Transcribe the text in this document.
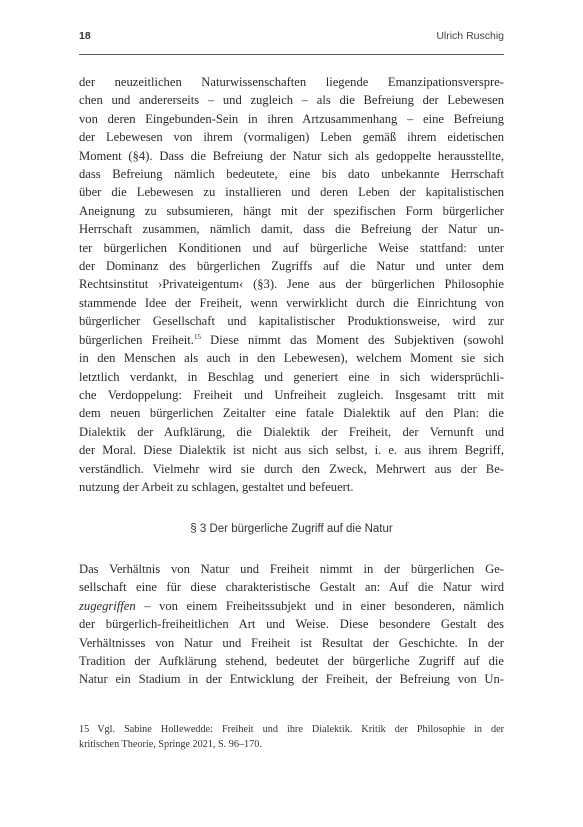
18	Ulrich Ruschig
der neuzeitlichen Naturwissenschaften liegende Emanzipationsverspre-
chen und andererseits – und zugleich – als die Befreiung der Lebewesen
von deren Eingebunden-Sein in ihren Artzusammenhang – eine Befreiung
der Lebewesen von ihrem (vormaligen) Leben gemäß ihrem eidetischen
Moment (§4). Dass die Befreiung der Natur sich als gedoppelte herausstellte,
dass Befreiung nämlich bedeutete, eine bis dato unbekannte Herrschaft
über die Lebewesen zu installieren und deren Leben der kapitalistischen
Aneignung zu subsumieren, hängt mit der spezifischen Form bürgerlicher
Herrschaft zusammen, nämlich damit, dass die Befreiung der Natur un-
ter bürgerlichen Konditionen und auf bürgerliche Weise stattfand: unter
der Dominanz des bürgerlichen Zugriffs auf die Natur und unter dem
Rechtsinstitut ›Privateigentum‹ (§3). Jene aus der bürgerlichen Philosophie
stammende Idee der Freiheit, wenn verwirklicht durch die Einrichtung von
bürgerlicher Gesellschaft und kapitalistischer Produktionsweise, wird zur
bürgerlichen Freiheit.$^{15}$ Diese nimmt das Moment des Subjektiven (sowohl
in den Menschen als auch in den Lebewesen), welchem Moment sie sich
letztlich verdankt, in Beschlag und generiert eine in sich widersprüchli-
che Verdoppelung: Freiheit und Unfreiheit zugleich. Insgesamt tritt mit
dem neuen bürgerlichen Zeitalter eine fatale Dialektik auf den Plan: die
Dialektik der Aufklärung, die Dialektik der Freiheit, der Vernunft und
der Moral. Diese Dialektik ist nicht aus sich selbst, i. e. aus ihrem Begriff,
verständlich. Vielmehr wird sie durch den Zweck, Mehrwert aus der Be-
nutzung der Arbeit zu schlagen, gestaltet und befeuert.
§ 3 Der bürgerliche Zugriff auf die Natur
Das Verhältnis von Natur und Freiheit nimmt in der bürgerlichen Ge-
sellschaft eine für diese charakteristische Gestalt an: Auf die Natur wird
zugegriffen – von einem Freiheitssubjekt und in einer besonderen, nämlich
der bürgerlich-freiheitlichen Art und Weise. Diese besondere Gestalt des
Verhältnisses von Natur und Freiheit ist Resultat der Geschichte. In der
Tradition der Aufklärung stehend, bedeutet der bürgerliche Zugriff auf die
Natur ein Stadium in der Entwicklung der Freiheit, der Befreiung von Un-
15 Vgl. Sabine Hollewedde: Freiheit und ihre Dialektik. Kritik der Philosophie in der
kritischen Theorie, Springe 2021, S. 96–170.
